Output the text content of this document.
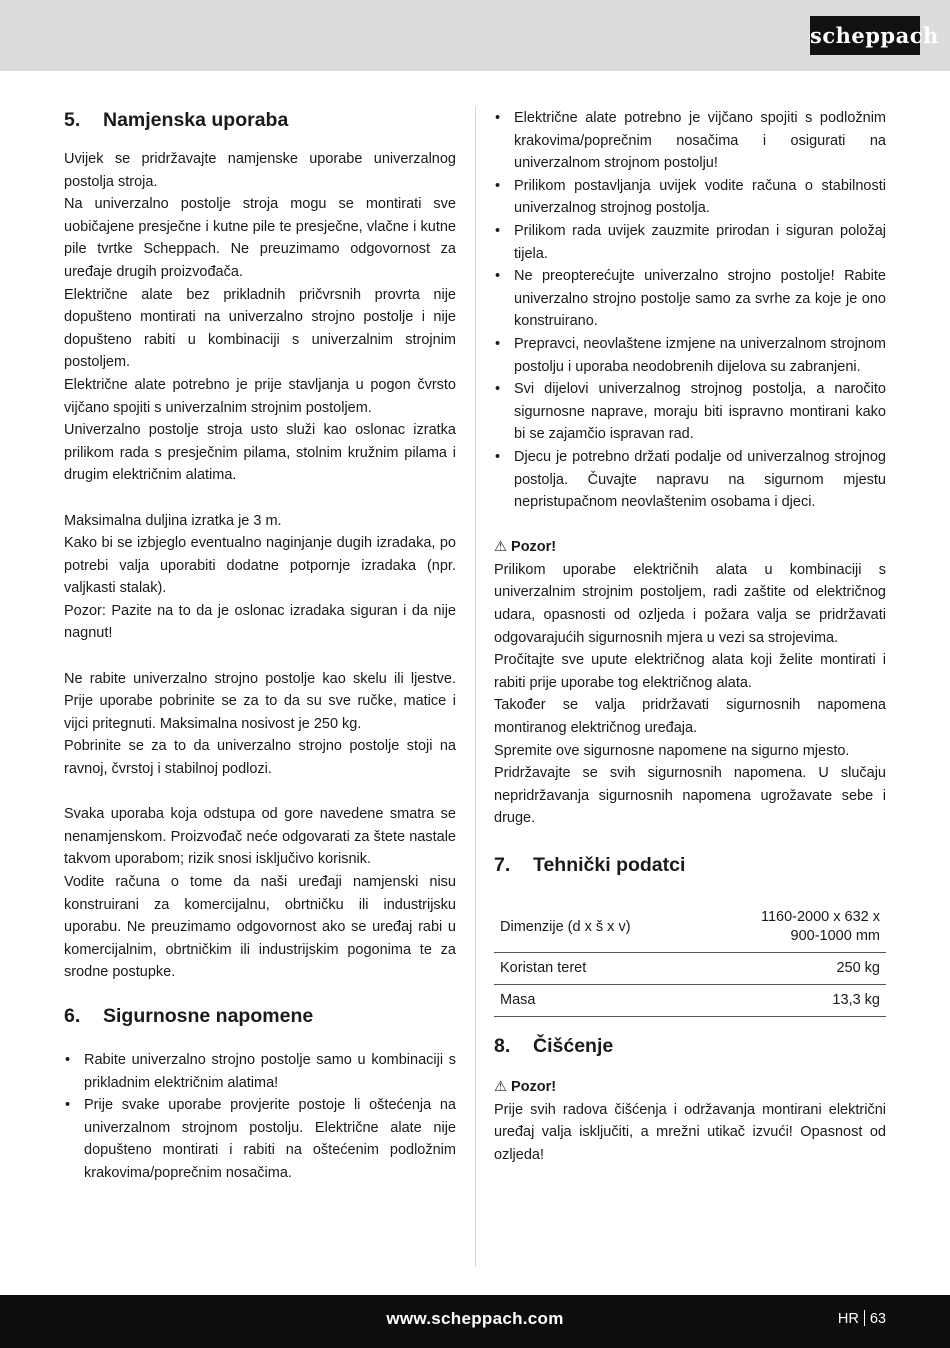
scheppach
5. Namjenska uporaba

Uvijek se pridržavajte namjenske uporabe univerzalnog postolja stroja.

Na univerzalno postolje stroja mogu se montirati sve uobičajene presječne i kutne pile te presječne, vlačne i kutne pile tvrtke Scheppach. Ne preuzimamo odgovornost za uređaje drugih proizvođača.

Električne alate bez prikladnih pričvrsnih provrta nije dopušteno montirati na univerzalno strojno postolje i nije dopušteno rabiti u kombinaciji s univerzalnim strojnim postoljem.

Električne alate potrebno je prije stavljanja u pogon čvrsto vijčano spojiti s univerzalnim strojnim postoljem.

Univerzalno postolje stroja usto služi kao oslonac izratka prilikom rada s presječnim pilama, stolnim kružnim pilama i drugim električnim alatima.

Maksimalna duljina izratka je 3 m.

Kako bi se izbjeglo eventualno naginjanje dugih izradaka, po potrebi valja uporabiti dodatne potpornje izradaka (npr. valjkasti stalak).

Pozor: Pazite na to da je oslonac izradaka siguran i da nije nagnut!

Ne rabite univerzalno strojno postolje kao skelu ili ljestve. Prije uporabe pobrinite se za to da su sve ručke, matice i vijci pritegnuti. Maksimalna nosivost je 250 kg.

Pobrinite se za to da univerzalno strojno postolje stoji na ravnoj, čvrstoj i stabilnoj podlozi.

Svaka uporaba koja odstupa od gore navedene smatra se nenamjenskom. Proizvođač neće odgovarati za štete nastale takvom uporabom; rizik snosi isključivo korisnik.

Vodite računa o tome da naši uređaji namjenski nisu konstruirani za komercijalnu, obrtničku ili industrijsku uporabu. Ne preuzimamo odgovornost ako se uređaj rabi u komercijalnim, obrtničkim ili industrijskim pogonima te za srodne postupke.

6. Sigurnosne napomene
• Rabite univerzalno strojno postolje samo u kombinaciji s prikladnim električnim alatima!
• Prije svake uporabe provjerite postoje li oštećenja na univerzalnom strojnom postolju. Električne alate nije dopušteno montirati i rabiti na oštećenim podložnim krakovima/poprečnim nosačima.
• Električne alate potrebno je vijčano spojiti s podložnim krakovima/poprečnim nosačima i osigurati na univerzalnom strojnom postolju!
• Prilikom postavljanja uvijek vodite računa o stabilnosti univerzalnog strojnog postolja.
• Prilikom rada uvijek zauzmite prirodan i siguran položaj tijela.
• Ne preopterećujte univerzalno strojno postolje! Rabite univerzalno strojno postolje samo za svrhe za koje je ono konstruirano.
• Prepravci, neovlaštene izmjene na univerzalnom strojnom postolju i uporaba neodobrenih dijelova su zabranjeni.
• Svi dijelovi univerzalnog strojnog postolja, a naročito sigurnosne naprave, moraju biti ispravno montirani kako bi se zajamčio ispravan rad.
• Djecu je potrebno držati podalje od univerzalnog strojnog postolja. Čuvajte napravu na sigurnom mjestu nepristupačnom neovlaštenim osobama i djeci.

⚠ Pozor!

Prilikom uporabe električnih alata u kombinaciji s univerzalnim strojnim postoljem, radi zaštite od električnog udara, opasnosti od ozljeda i požara valja se pridržavati odgovarajućih sigurnosnih mjera u vezi sa strojevima.

Pročitajte sve upute električnog alata koji želite montirati i rabiti prije uporabe tog električnog alata.

Također se valja pridržavati sigurnosnih napomena montiranog električnog uređaja.

Spremite ove sigurnosne napomene na sigurno mjesto.

Pridržavajte se svih sigurnosnih napomena. U slučaju nepridržavanja sigurnosnih napomena ugrožavate sebe i druge.

7. Tehnički podatci
Dimenzije (d x š x v)	1160-2000 x 632 x
900-1000 mm
Koristan teret	250 kg
Masa	13,3 kg
8. Čišćenje

⚠ Pozor!

Prije svih radova čišćenja i održavanja montirani električni uređaj valja isključiti, a mrežni utikač izvući! Opasnost od ozljeda!

www.scheppach.com	HR 63
